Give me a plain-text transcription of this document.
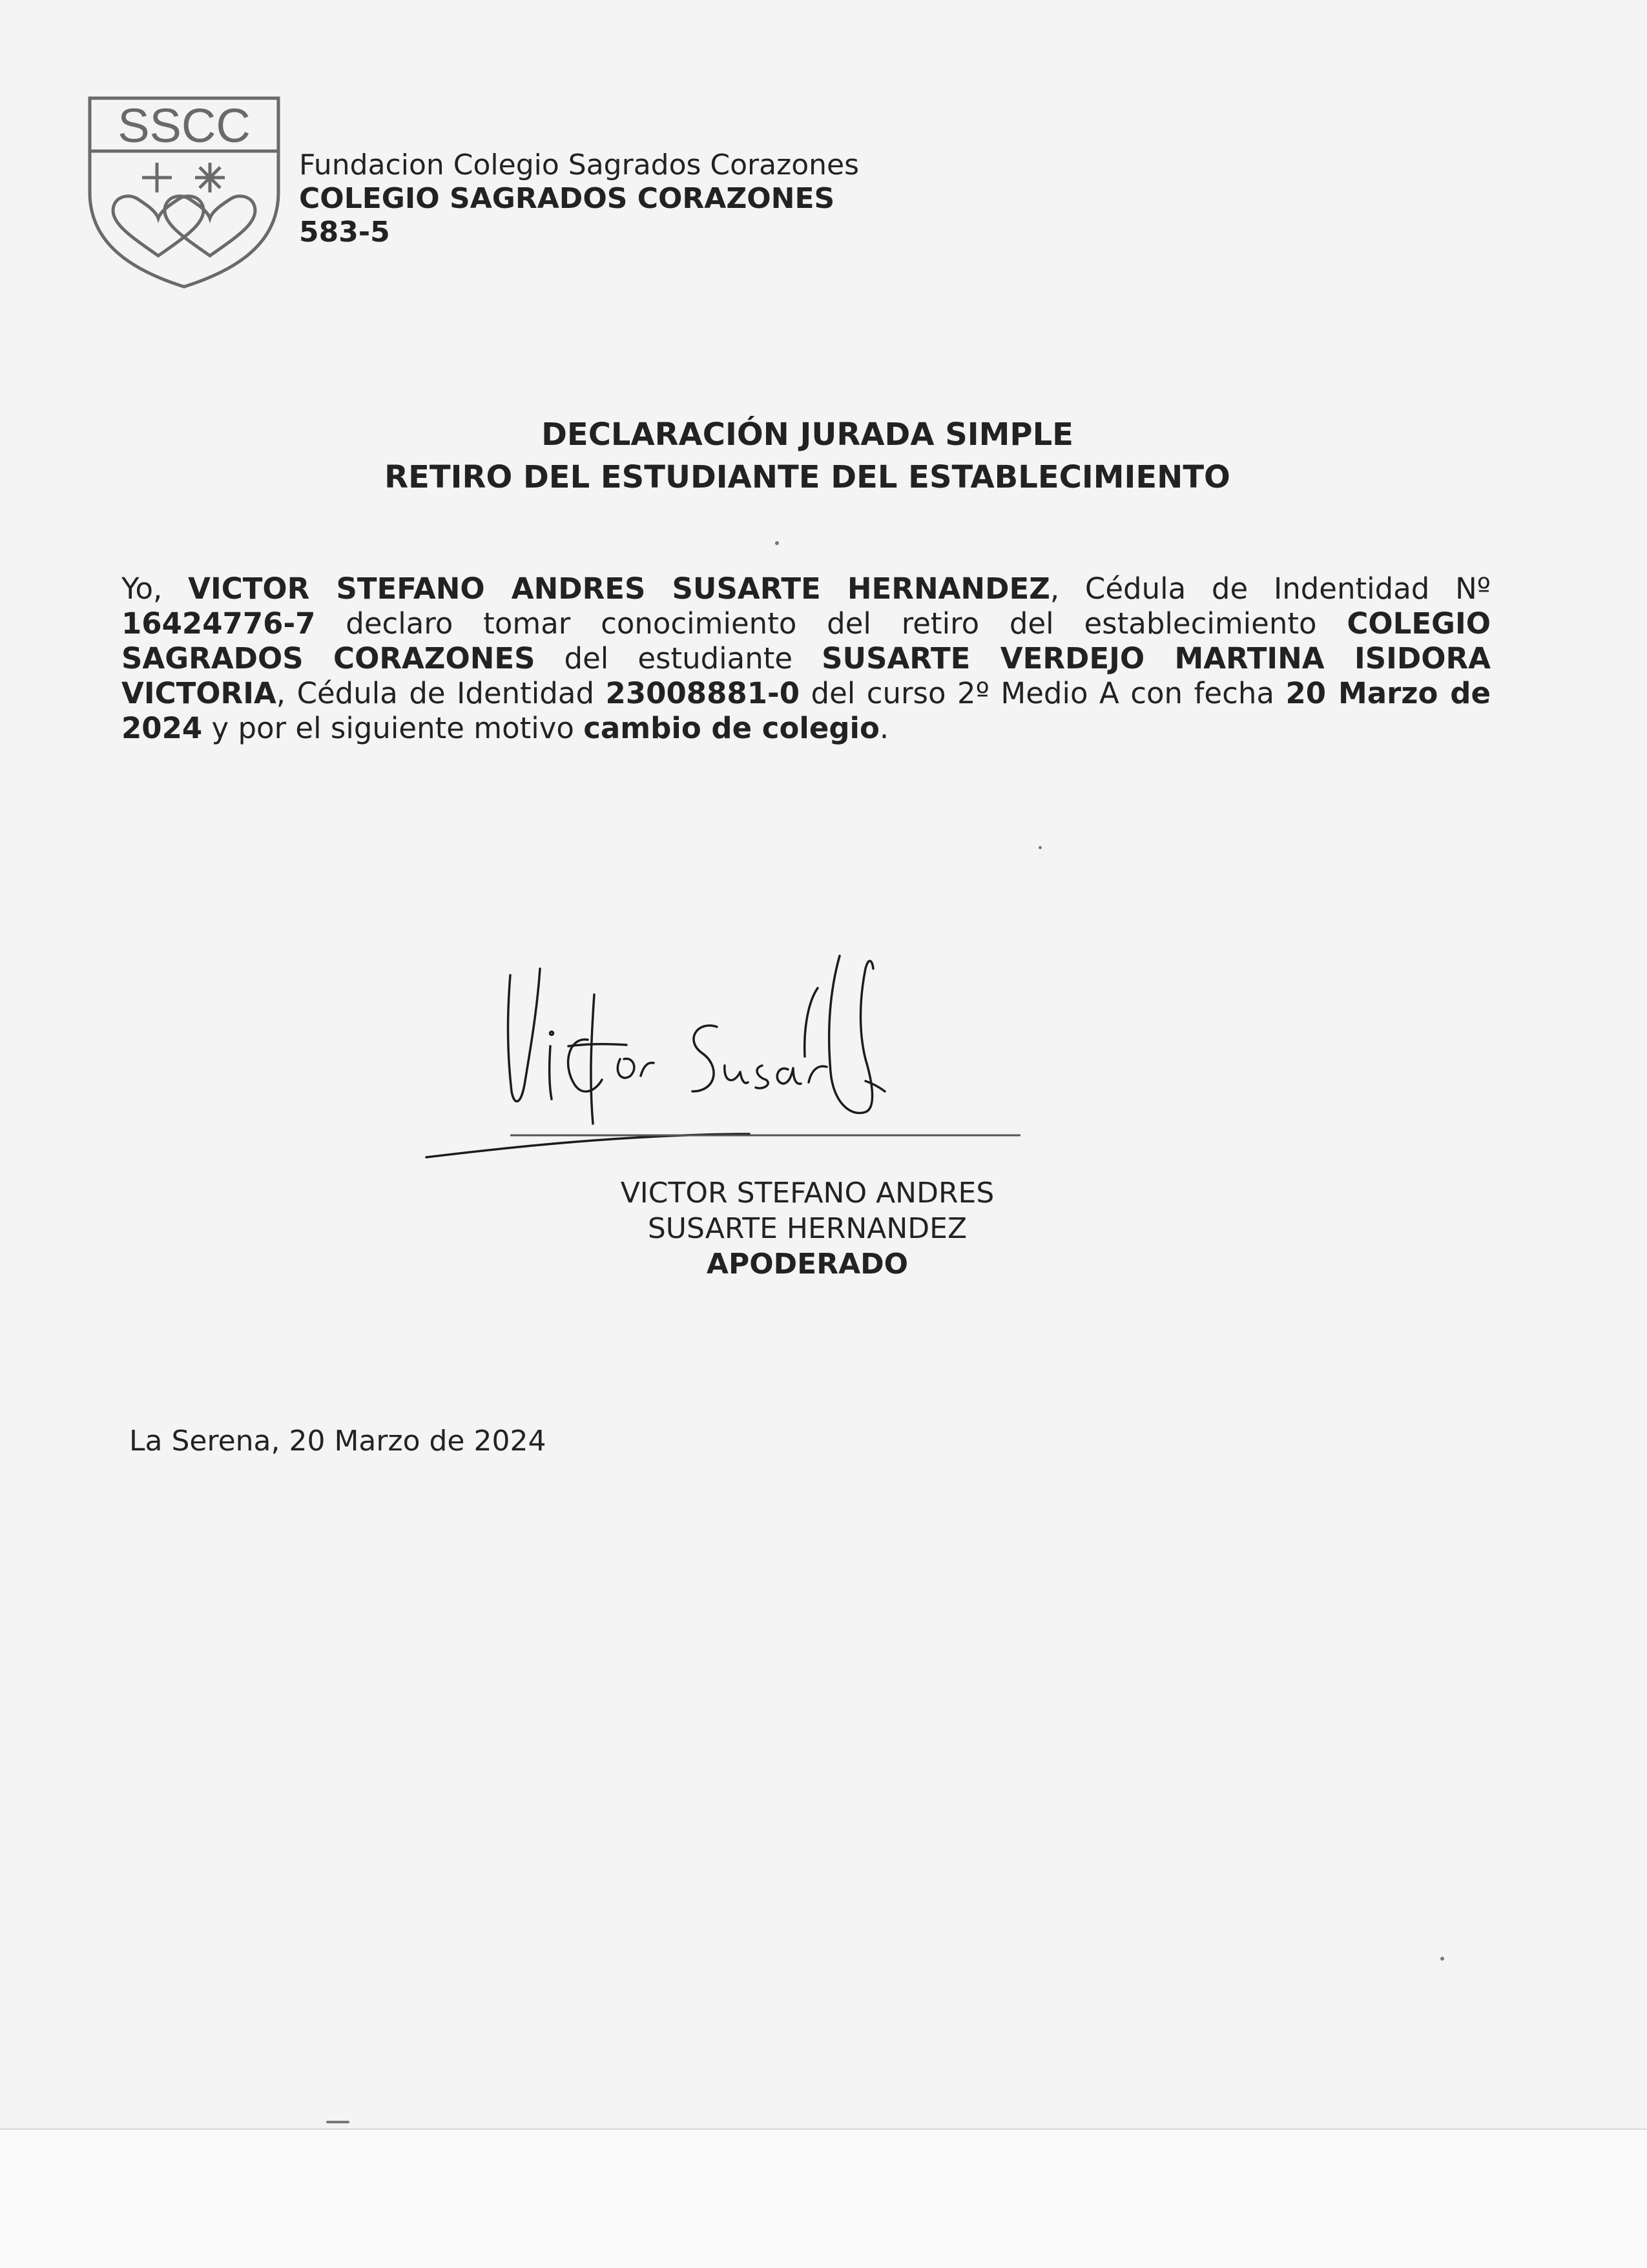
SSCC
Fundacion Colegio Sagrados Corazones
COLEGIO SAGRADOS CORAZONES
583-5
DECLARACIÓN JURADA SIMPLE
RETIRO DEL ESTUDIANTE DEL ESTABLECIMIENTO
Yo, VICTOR STEFANO ANDRES SUSARTE HERNANDEZ, Cédula de Indentidad Nº 16424776-7 declaro tomar conocimiento del retiro del establecimiento COLEGIO SAGRADOS CORAZONES del estudiante SUSARTE VERDEJO MARTINA ISIDORA VICTORIA, Cédula de Identidad 23008881-0 del curso 2º Medio A con fecha 20 Marzo de 2024 y por el siguiente motivo cambio de colegio.
VICTOR STEFANO ANDRES
SUSARTE HERNANDEZ
APODERADO
La Serena, 20 Marzo de 2024
